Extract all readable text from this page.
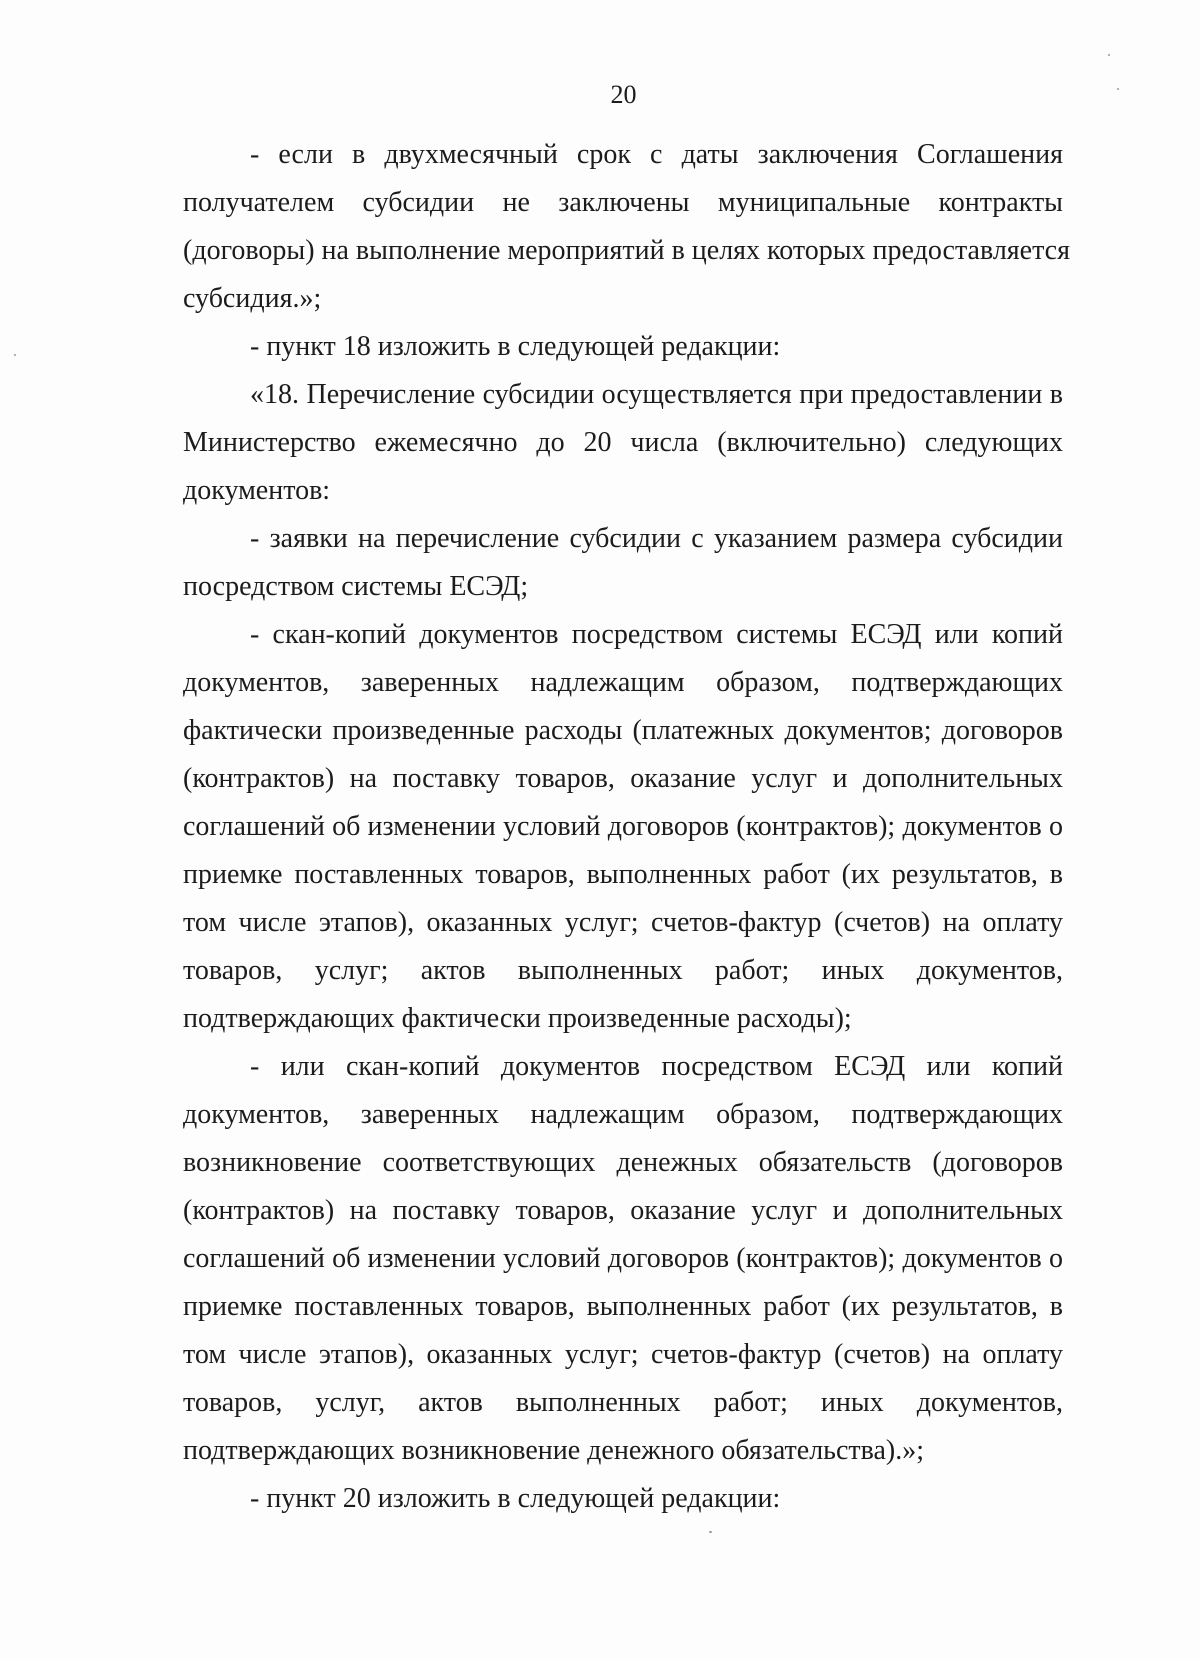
20
- если в двухмесячный срок с даты заключения Соглашения
получателем субсидии не заключены муниципальные контракты
(договоры) на выполнение мероприятий в целях которых предоставляется
субсидия.»;
- пункт 18 изложить в следующей редакции:
«18. Перечисление субсидии осуществляется при предоставлении в
Министерство ежемесячно до 20 числа (включительно) следующих
документов:
- заявки на перечисление субсидии с указанием размера субсидии
посредством системы ЕСЭД;
- скан-копий документов посредством системы ЕСЭД или копий
документов, заверенных надлежащим образом, подтверждающих
фактически произведенные расходы (платежных документов; договоров
(контрактов) на поставку товаров, оказание услуг и дополнительных
соглашений об изменении условий договоров (контрактов); документов о
приемке поставленных товаров, выполненных работ (их результатов, в
том числе этапов), оказанных услуг; счетов-фактур (счетов) на оплату
товаров, услуг; актов выполненных работ; иных документов,
подтверждающих фактически произведенные расходы);
- или скан-копий документов посредством ЕСЭД или копий
документов, заверенных надлежащим образом, подтверждающих
возникновение соответствующих денежных обязательств (договоров
(контрактов) на поставку товаров, оказание услуг и дополнительных
соглашений об изменении условий договоров (контрактов); документов о
приемке поставленных товаров, выполненных работ (их результатов, в
том числе этапов), оказанных услуг; счетов-фактур (счетов) на оплату
товаров, услуг, актов выполненных работ; иных документов,
подтверждающих возникновение денежного обязательства).»;
- пункт 20 изложить в следующей редакции:
